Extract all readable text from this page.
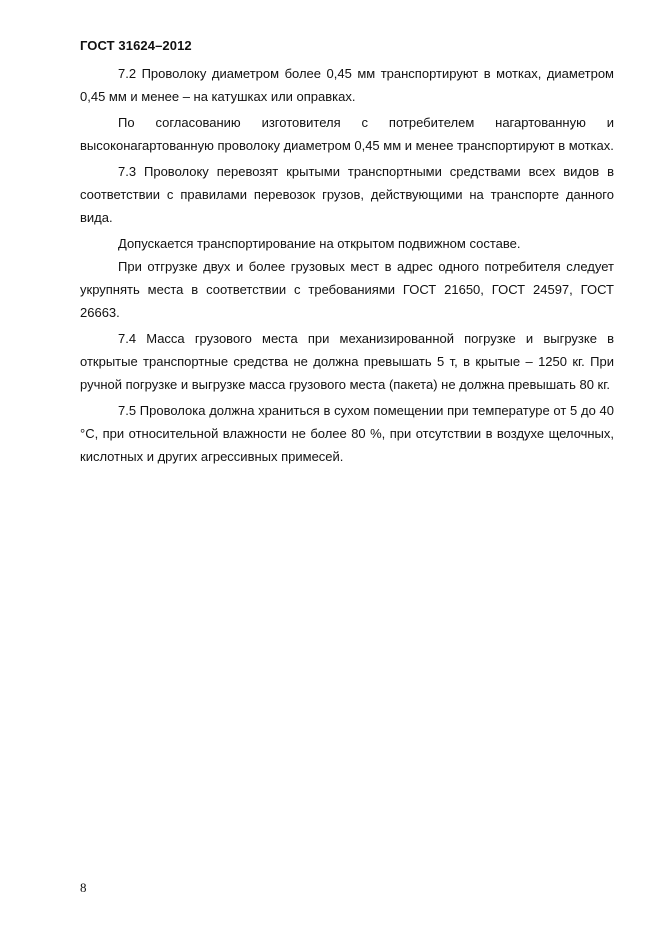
ГОСТ 31624–2012

7.2 Проволоку диаметром более 0,45 мм транспортируют в мотках, диаметром 0,45 мм и менее – на катушках или оправках.

По согласованию изготовителя с потребителем нагартованную и высоконагартованную проволоку диаметром 0,45 мм и менее транспортируют в мотках.

7.3 Проволоку перевозят крытыми транспортными средствами всех видов в соответствии с правилами перевозок грузов, действующими на транспорте данного вида.

Допускается транспортирование на открытом подвижном составе.

При отгрузке двух и более грузовых мест в адрес одного потребителя следует укрупнять места в соответствии с требованиями ГОСТ 21650, ГОСТ 24597, ГОСТ 26663.

7.4 Масса грузового места при механизированной погрузке и выгрузке в открытые транспортные средства не должна превышать 5 т, в крытые – 1250 кг. При ручной погрузке и выгрузке масса грузового места (пакета) не должна превышать 80 кг.

7.5 Проволока должна храниться в сухом помещении при температуре от 5 до 40 °С, при относительной влажности не более 80 %, при отсутствии в воздухе щелочных, кислотных и других агрессивных примесей.

8
